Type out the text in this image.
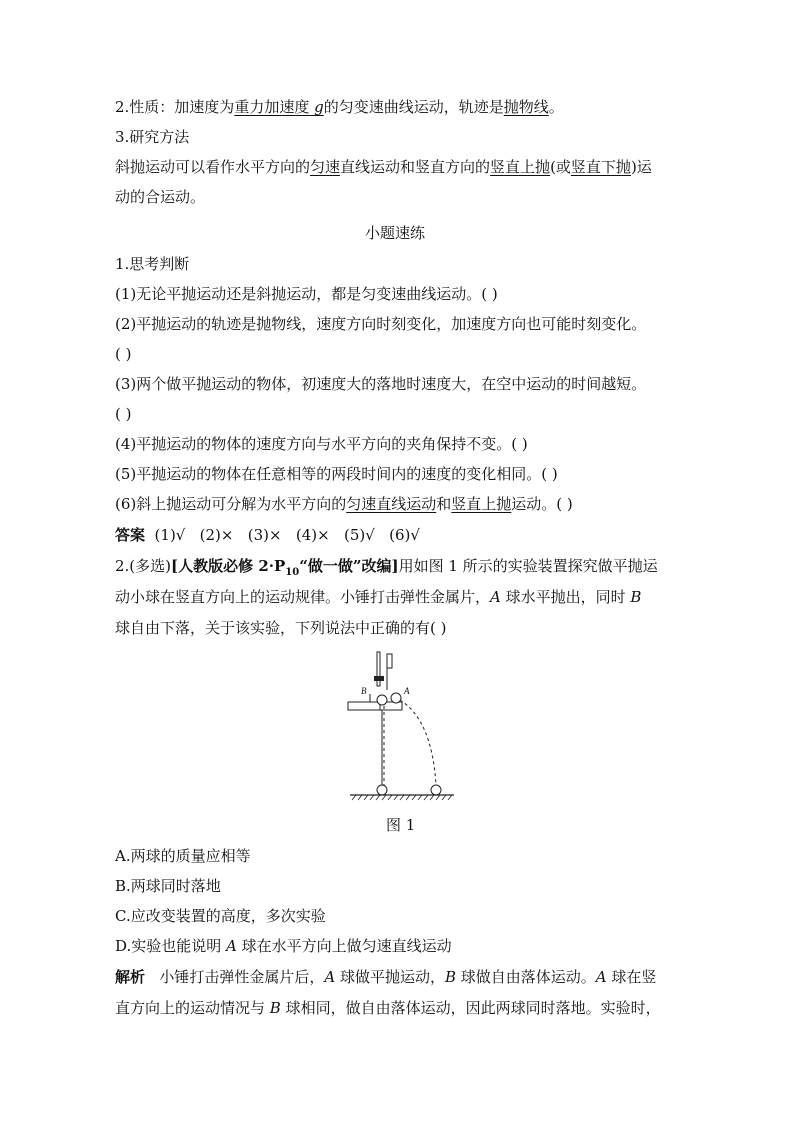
2.性质：加速度为重力加速度 g的匀变速曲线运动，轨迹是抛物线。
3.研究方法
斜抛运动可以看作水平方向的匀速直线运动和竖直方向的竖直上抛(或竖直下抛)运
动的合运动。
小题速练
1.思考判断
(1)无论平抛运动还是斜抛运动，都是匀变速曲线运动。( )
(2)平抛运动的轨迹是抛物线，速度方向时刻变化，加速度方向也可能时刻变化。
( )
(3)两个做平抛运动的物体，初速度大的落地时速度大，在空中运动的时间越短。
( )
(4)平抛运动的物体的速度方向与水平方向的夹角保持不变。( )
(5)平抛运动的物体在任意相等的两段时间内的速度的变化相同。( )
(6)斜上抛运动可分解为水平方向的匀速直线运动和竖直上抛运动。( )
答案  (1)√   (2)×   (3)×   (4)×   (5)√   (6)√
2.(多选)[人教版必修 $2\cdot P_{10}“$做一做”改编]用如图 1 所示的实验装置探究做平抛运
动小球在竖直方向上的运动规律。小锤打击弹性金属片，A 球水平抛出，同时 B
球自由下落，关于该实验，下列说法中正确的有( )
B	A
图 1
A.两球的质量应相等
B.两球同时落地
C.应改变装置的高度，多次实验
D.实验也能说明 A 球在水平方向上做匀速直线运动
解析   小锤打击弹性金属片后，A 球做平抛运动，B 球做自由落体运动。A 球在竖
直方向上的运动情况与 B 球相同，做自由落体运动，因此两球同时落地。实验时，
